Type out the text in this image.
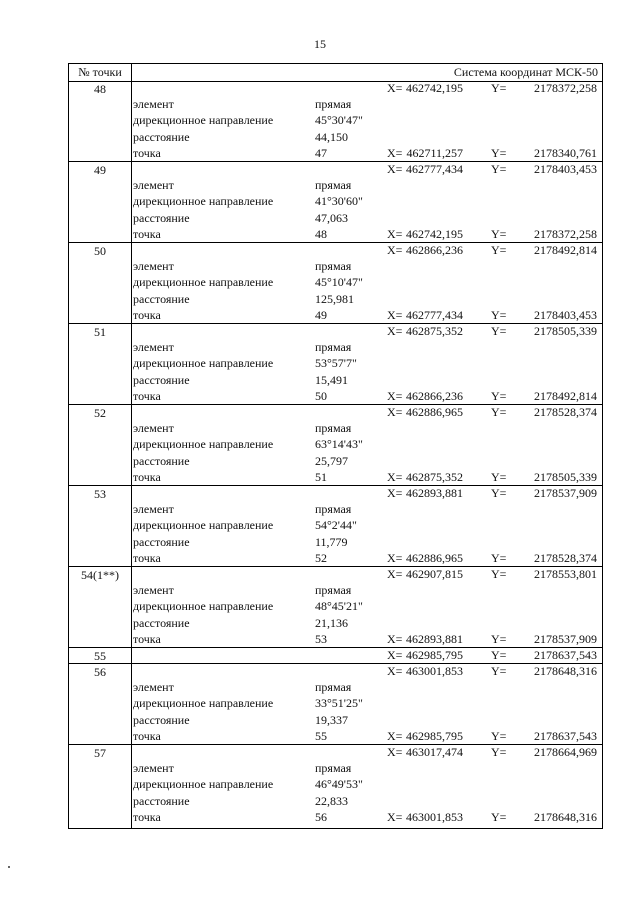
15
№ точки	Система координат МСК-50
48	X= 462742,195 Y= 2178372,258
элемент	прямая
дирекционное направление	45°30'47"
расстояние	44,150
точка	47	X= 462711,257 Y= 2178340,761
49	X= 462777,434 Y= 2178403,453
элемент	прямая
дирекционное направление	41°30'60"
расстояние	47,063
точка	48	X= 462742,195 Y= 2178372,258
50	X= 462866,236 Y= 2178492,814
элемент	прямая
дирекционное направление	45°10'47"
расстояние	125,981
точка	49	X= 462777,434 Y= 2178403,453
51	X= 462875,352 Y= 2178505,339
элемент	прямая
дирекционное направление	53°57'7"
расстояние	15,491
точка	50	X= 462866,236 Y= 2178492,814
52	X= 462886,965 Y= 2178528,374
элемент	прямая
дирекционное направление	63°14'43"
расстояние	25,797
точка	51	X= 462875,352 Y= 2178505,339
53	X= 462893,881 Y= 2178537,909
элемент	прямая
дирекционное направление	54°2'44"
расстояние	11,779
точка	52	X= 462886,965 Y= 2178528,374
54(1**)	X= 462907,815 Y= 2178553,801
элемент	прямая
дирекционное направление	48°45'21"
расстояние	21,136
точка	53	X= 462893,881 Y= 2178537,909
55	X= 462985,795 Y= 2178637,543
56	X= 463001,853 Y= 2178648,316
элемент	прямая
дирекционное направление	33°51'25"
расстояние	19,337
точка	55	X= 462985,795 Y= 2178637,543
57	X= 463017,474 Y= 2178664,969
элемент	прямая
дирекционное направление	46°49'53"
расстояние	22,833
точка	56	X= 463001,853 Y= 2178648,316
